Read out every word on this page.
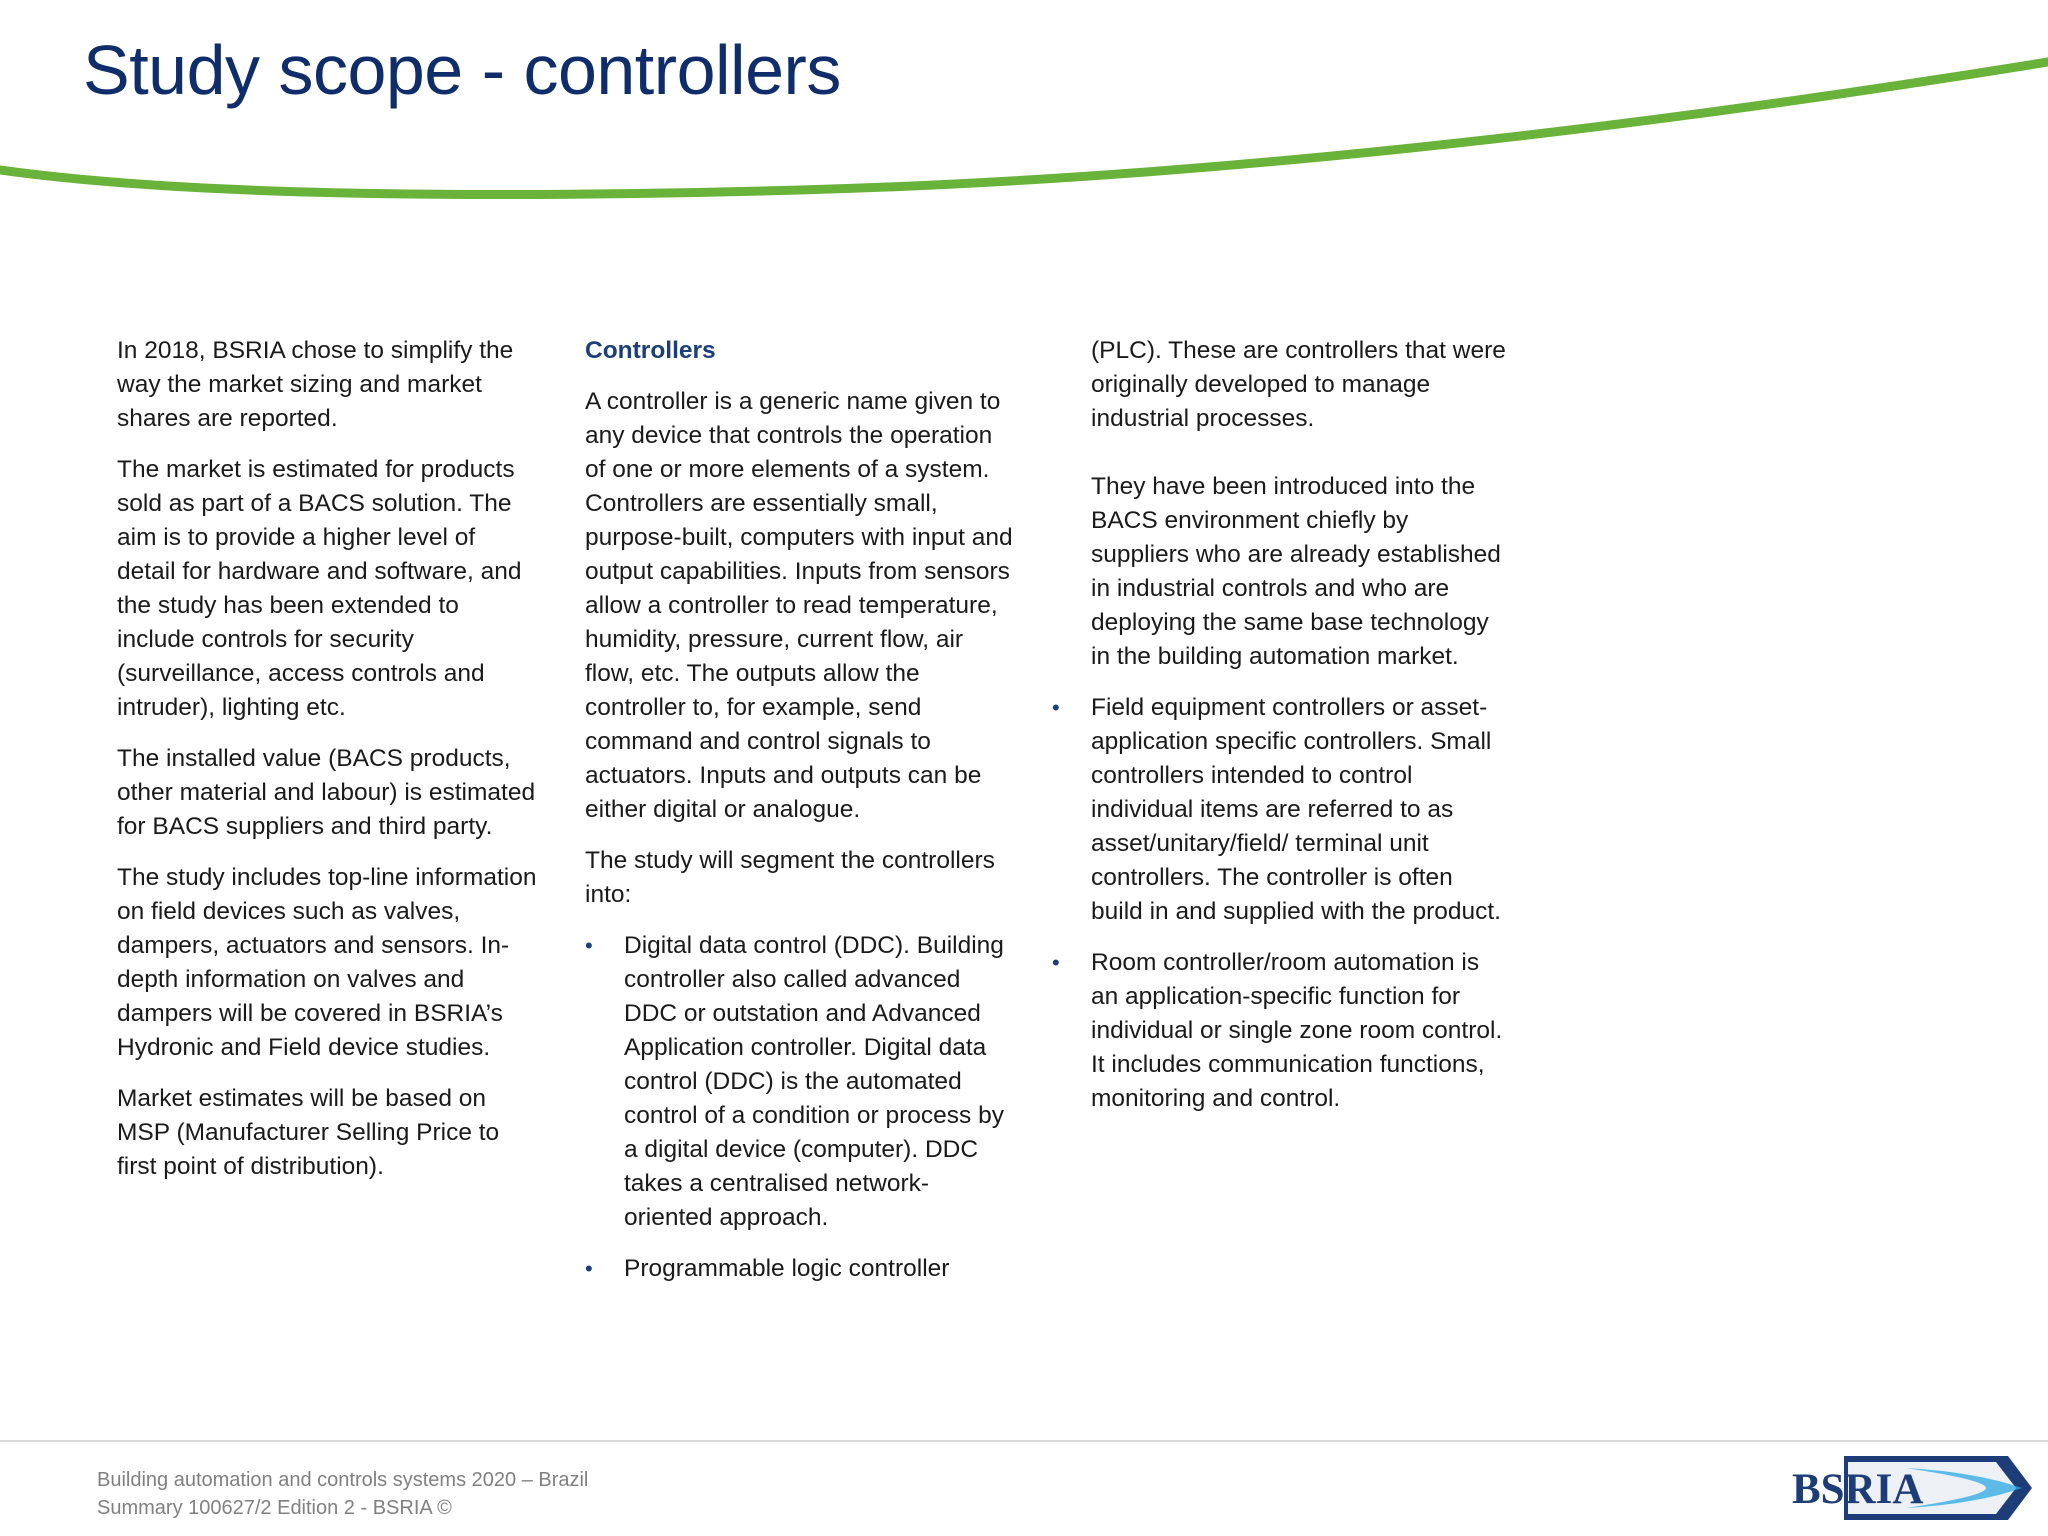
Study scope - controllers

In 2018, BSRIA chose to simplify the way the market sizing and market shares are reported.

The market is estimated for products sold as part of a BACS solution. The aim is to provide a higher level of detail for hardware and software, and the study has been extended to include controls for security (surveillance, access controls and intruder), lighting etc.

The installed value (BACS products, other material and labour) is estimated for BACS suppliers and third party.

The study includes top-line information on field devices such as valves, dampers, actuators and sensors. In-depth information on valves and dampers will be covered in BSRIA’s Hydronic and Field device studies.

Market estimates will be based on MSP (Manufacturer Selling Price to first point of distribution).

Controllers

A controller is a generic name given to any device that controls the operation of one or more elements of a system. Controllers are essentially small, purpose-built, computers with input and output capabilities. Inputs from sensors allow a controller to read temperature, humidity, pressure, current flow, air flow, etc. The outputs allow the controller to, for example, send command and control signals to actuators. Inputs and outputs can be either digital or analogue.

The study will segment the controllers into:

• Digital data control (DDC). Building controller also called advanced DDC or outstation and Advanced Application controller. Digital data control (DDC) is the automated control of a condition or process by a digital device (computer). DDC takes a centralised network-oriented approach.
• Programmable logic controller

(PLC). These are controllers that were originally developed to manage industrial processes.

They have been introduced into the BACS environment chiefly by suppliers who are already established in industrial controls and who are deploying the same base technology in the building automation market.

• Field equipment controllers or asset-application specific controllers. Small controllers intended to control individual items are referred to as asset/unitary/field/ terminal unit controllers. The controller is often build in and supplied with the product.
• Room controller/room automation is an application-specific function for individual or single zone room control. It includes communication functions, monitoring and control.
Building automation and controls systems 2020 – Brazil
Summary 100627/2 Edition 2 - BSRIA ©	BSRIA
